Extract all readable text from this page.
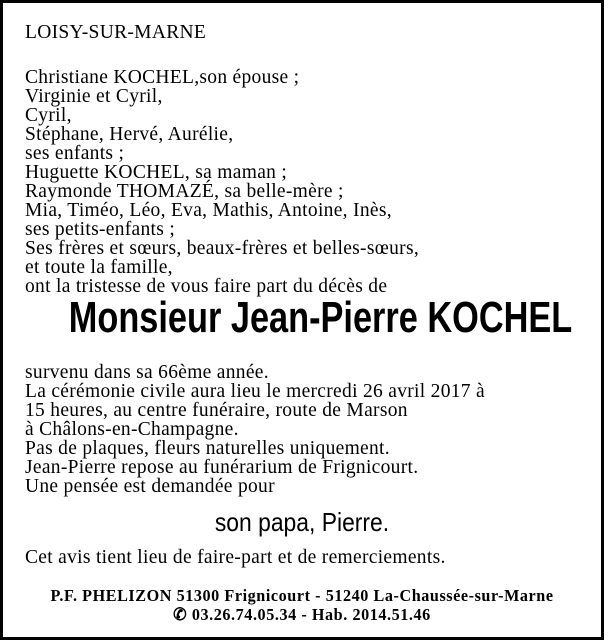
LOISY-SUR-MARNE
Christiane KOCHEL,son épouse ;
Virginie et Cyril,
Cyril,
Stéphane, Hervé, Aurélie,
ses enfants ;
Huguette KOCHEL, sa maman ;
Raymonde THOMAZÉ, sa belle-mère ;
Mia, Timéo, Léo, Eva, Mathis, Antoine, Inès,
ses petits-enfants ;
Ses frères et sœurs, beaux-frères et belles-sœurs,
et toute la famille,
ont la tristesse de vous faire part du décès de
Monsieur Jean-Pierre KOCHEL
survenu dans sa 66ème année.
La cérémonie civile aura lieu le mercredi 26 avril 2017 à
15 heures, au centre funéraire, route de Marson
à Châlons-en-Champagne.
Pas de plaques, fleurs naturelles uniquement.
Jean-Pierre repose au funérarium de Frignicourt.
Une pensée est demandée pour
son papa, Pierre.
Cet avis tient lieu de faire-part et de remerciements.
P.F. PHELIZON 51300 Frignicourt - 51240 La-Chaussée-sur-Marne
✆ 03.26.74.05.34 - Hab. 2014.51.46
